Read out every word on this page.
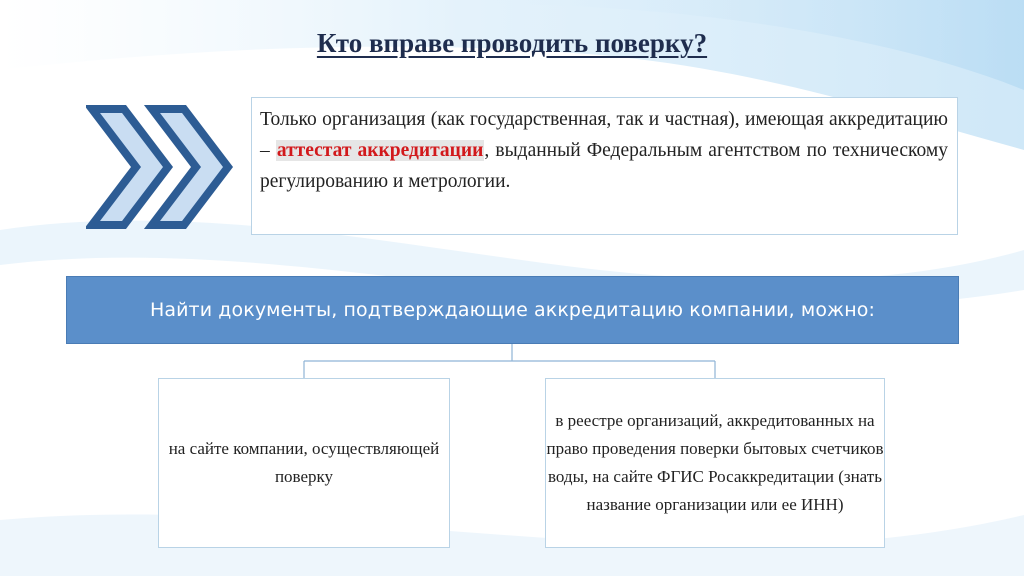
Кто вправе проводить поверку?

Только организация (как государственная, так и частная), имеющая аккредитацию – аттестат аккредитации, выданный Федеральным агентством по техническому регулированию и метрологии.

Найти документы, подтверждающие аккредитацию компании, можно:

на сайте компании, осуществляющей поверку

в реестре организаций, аккредитованных на право проведения поверки бытовых счетчиков воды, на сайте ФГИС Росаккредитации (знать название организации или ее ИНН)
